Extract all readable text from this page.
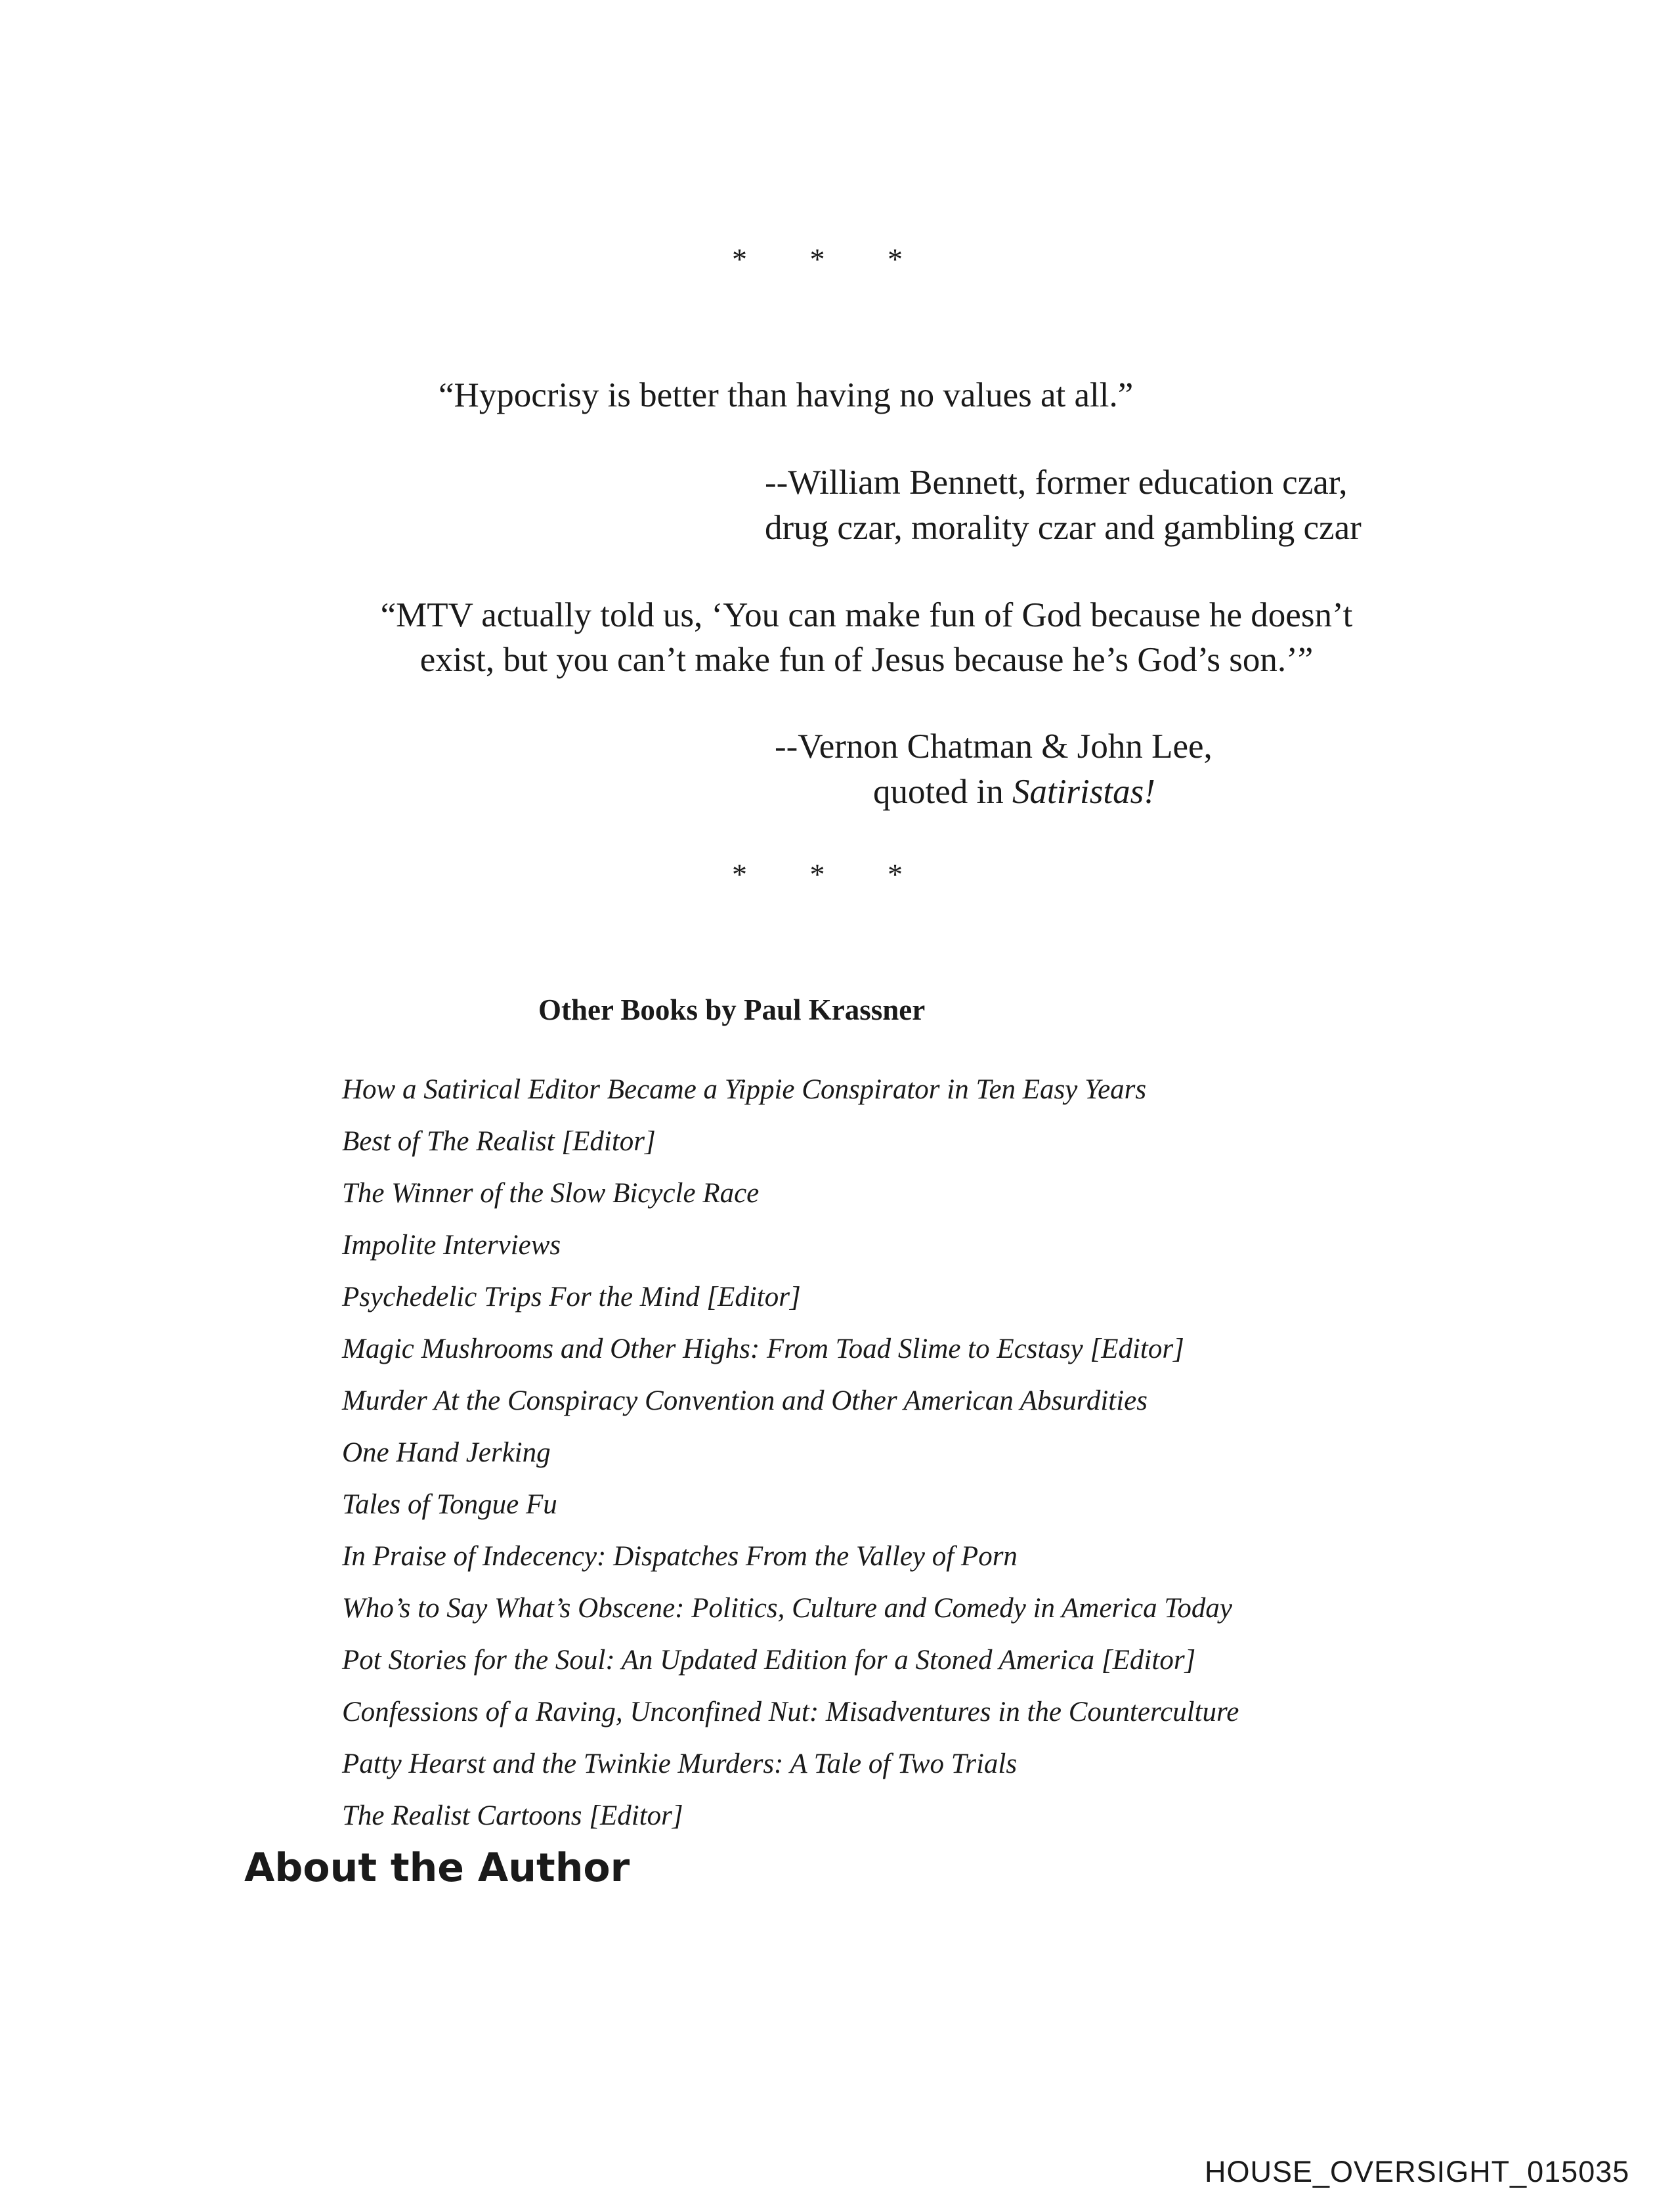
* * *
“Hypocrisy is better than having no values at all.”
--William Bennett, former education czar,
drug czar, morality czar and gambling czar
“MTV actually told us, ‘You can make fun of God because he doesn’t
exist, but you can’t make fun of Jesus because he’s God’s son.’”
--Vernon Chatman & John Lee,
quoted in Satiristas!
* * *
Other Books by Paul Krassner
How a Satirical Editor Became a Yippie Conspirator in Ten Easy Years
Best of The Realist [Editor]
The Winner of the Slow Bicycle Race
Impolite Interviews
Psychedelic Trips For the Mind [Editor]
Magic Mushrooms and Other Highs: From Toad Slime to Ecstasy [Editor]
Murder At the Conspiracy Convention and Other American Absurdities
One Hand Jerking
Tales of Tongue Fu
In Praise of Indecency: Dispatches From the Valley of Porn
Who’s to Say What’s Obscene: Politics, Culture and Comedy in America Today
Pot Stories for the Soul: An Updated Edition for a Stoned America [Editor]
Confessions of a Raving, Unconfined Nut: Misadventures in the Counterculture
Patty Hearst and the Twinkie Murders: A Tale of Two Trials
The Realist Cartoons [Editor]
About the Author
HOUSE_OVERSIGHT_015035
